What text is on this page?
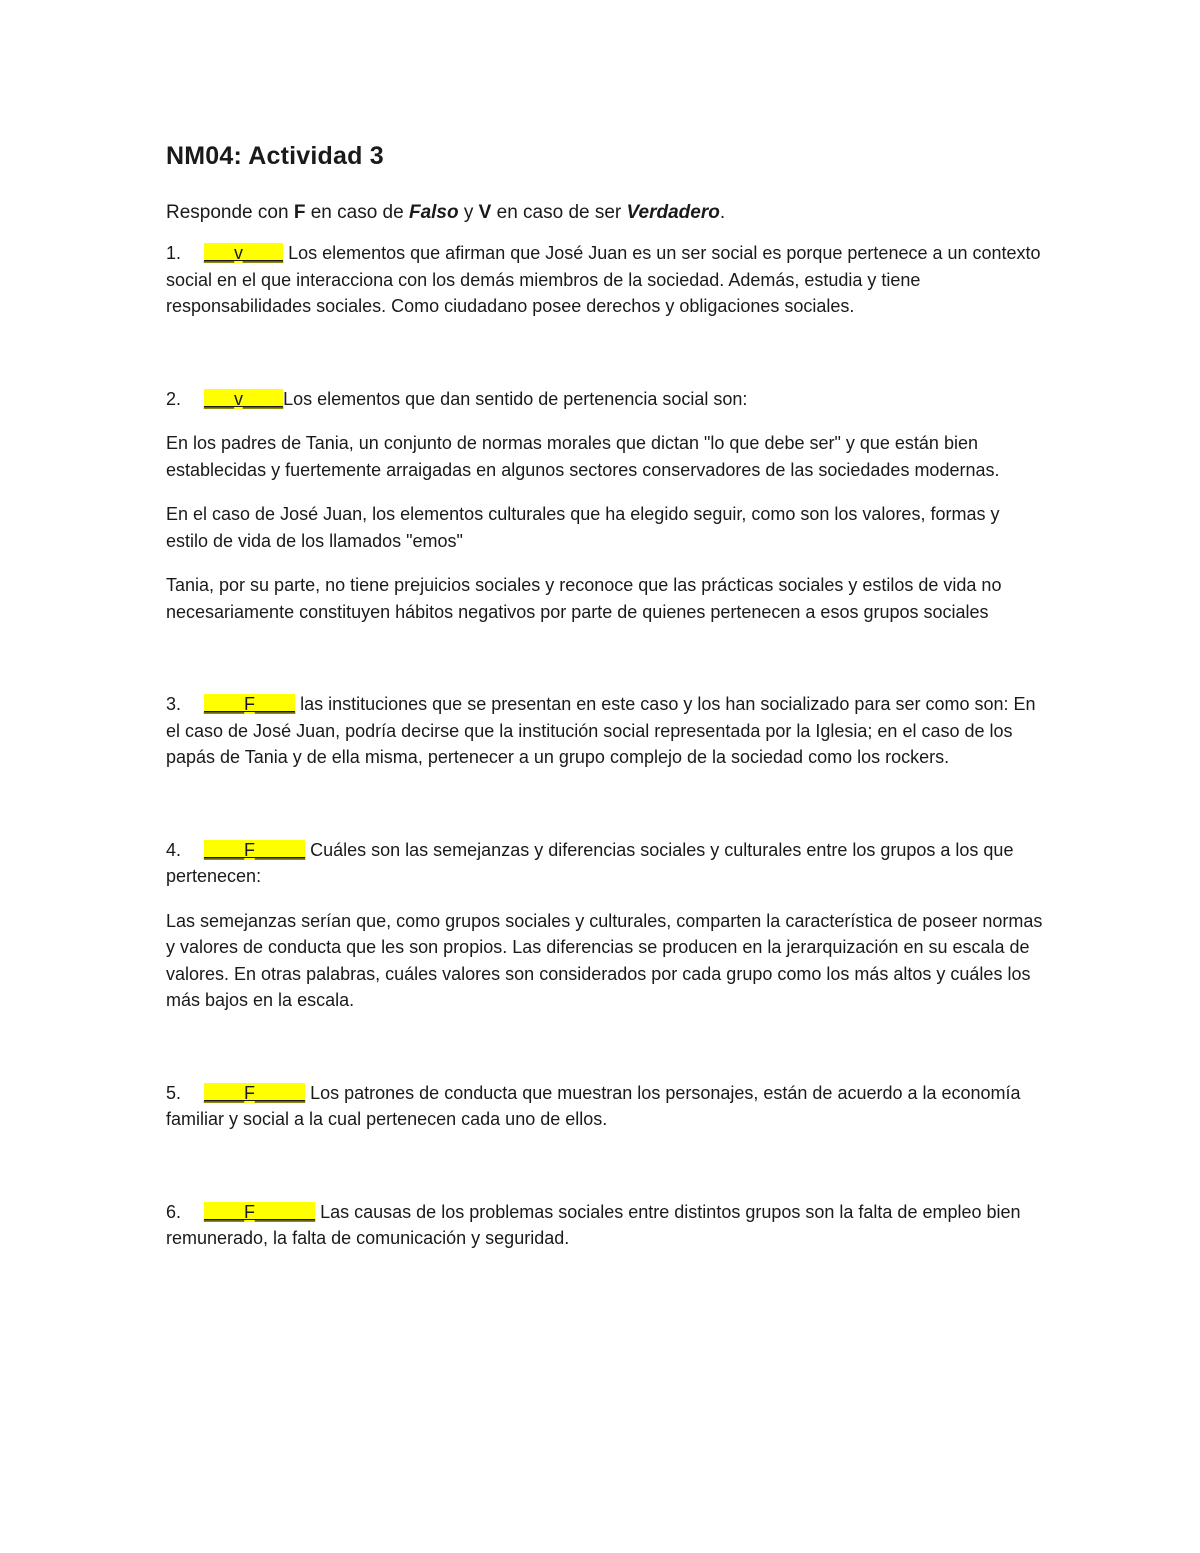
NM04: Actividad 3

Responde con F en caso de Falso y V en caso de ser Verdadero.

1. ___v____ Los elementos que afirman que José Juan es un ser social es porque pertenece a un contexto social en el que interacciona con los demás miembros de la sociedad. Además, estudia y tiene responsabilidades sociales. Como ciudadano posee derechos y obligaciones sociales.

2. ___v____Los elementos que dan sentido de pertenencia social son:

En los padres de Tania, un conjunto de normas morales que dictan "lo que debe ser" y que están bien establecidas y fuertemente arraigadas en algunos sectores conservadores de las sociedades modernas.

En el caso de José Juan, los elementos culturales que ha elegido seguir, como son los valores, formas y estilo de vida de los llamados "emos"

Tania, por su parte, no tiene prejuicios sociales y reconoce que las prácticas sociales y estilos de vida no necesariamente constituyen hábitos negativos por parte de quienes pertenecen a esos grupos sociales

3. ____F____ las instituciones que se presentan en este caso y los han socializado para ser como son: En el caso de José Juan, podría decirse que la institución social representada por la Iglesia; en el caso de los papás de Tania y de ella misma, pertenecer a un grupo complejo de la sociedad como los rockers.

4. ____F_____ Cuáles son las semejanzas y diferencias sociales y culturales entre los grupos a los que pertenecen:

Las semejanzas serían que, como grupos sociales y culturales, comparten la característica de poseer normas y valores de conducta que les son propios. Las diferencias se producen en la jerarquización en su escala de valores. En otras palabras, cuáles valores son considerados por cada grupo como los más altos y cuáles los más bajos en la escala.

5. ____F_____ Los patrones de conducta que muestran los personajes, están de acuerdo a la economía familiar y social a la cual pertenecen cada uno de ellos.

6. ____F______ Las causas de los problemas sociales entre distintos grupos son la falta de empleo bien remunerado, la falta de comunicación y seguridad.
